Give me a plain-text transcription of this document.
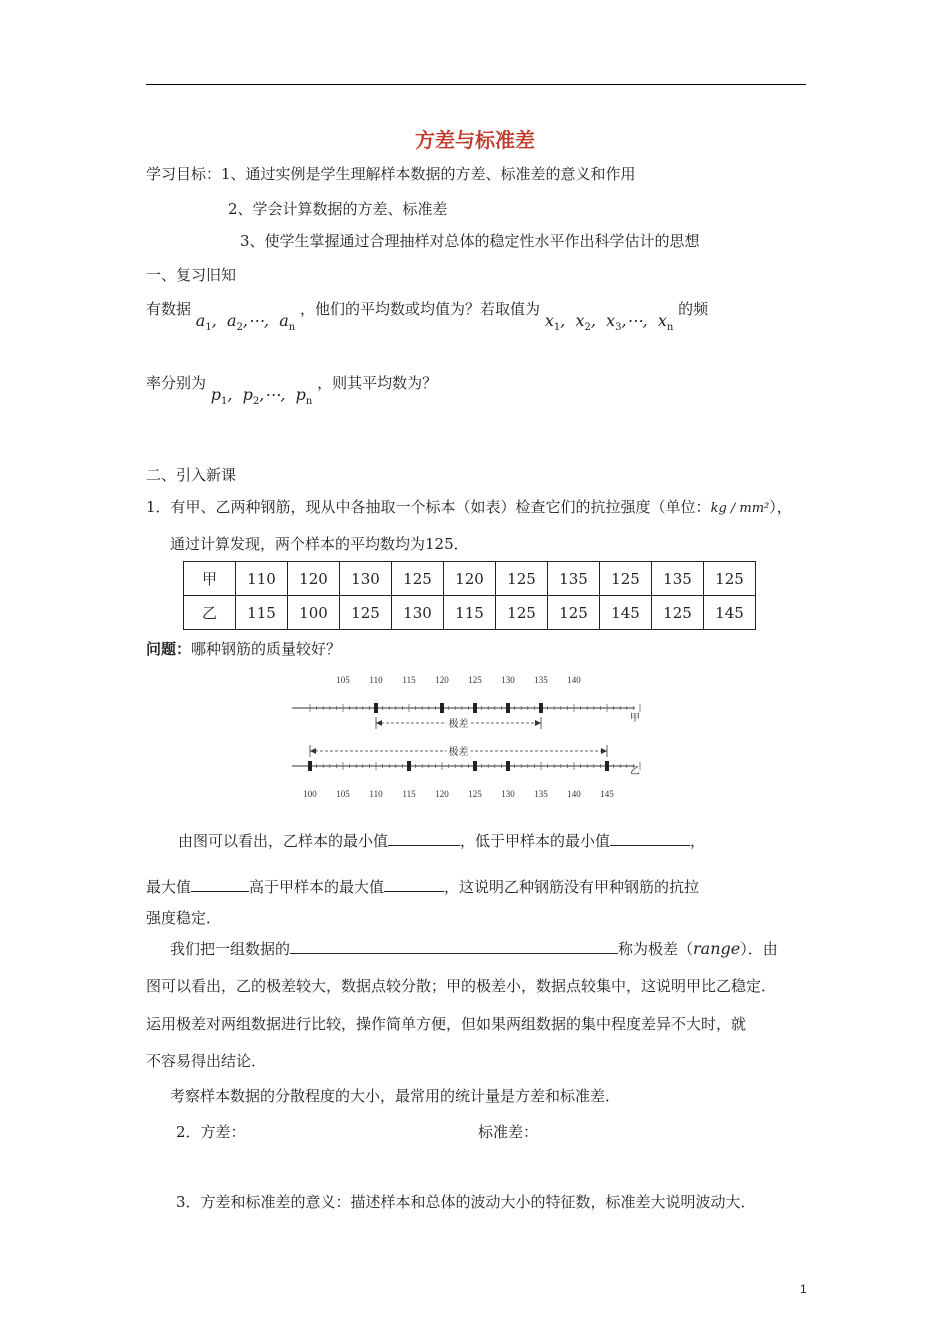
方差与标准差
学习目标：1、通过实例是学生理解样本数据的方差、标准差的意义和作用
2、学会计算数据的方差、标准差
3、使学生掌握通过合理抽样对总体的稳定性水平作出科学估计的思想
一、复习旧知
有数据 $a_1$,  $a_2,\cdots$,  $a_n$ ，他们的平均数或均值为？若取值为 $x_1$,  $x_2$,  $x_3,\cdots$,  $x_n$ 的频
率分别为 $p_1$,  $p_2,\cdots$,  $p_n$ ，则其平均数为？
二、引入新课
1．有甲、乙两种钢筋，现从中各抽取一个标本（如表）检查它们的抗拉强度（单位：kg / mm²），
通过计算发现，两个样本的平均数均为125．
甲	110	120	130	125	120	125	135	125	135	125
乙	115	100	125	130	115	125	125	145	125	145
问题：哪种钢筋的质量较好？
105 110 115 120 125 130 135 140
甲
极差
100 105 110 115 120 125 130 135 140 145
乙
极差
由图可以看出，乙样本的最小值	，低于甲样本的最小值	，
最大值	高于甲样本的最大值	，这说明乙种钢筋没有甲种钢筋的抗拉
强度稳定．
我们把一组数据的	称为极差（range）．由
图可以看出，乙的极差较大，数据点较分散；甲的极差小，数据点较集中，这说明甲比乙稳定．
运用极差对两组数据进行比较，操作简单方便，但如果两组数据的集中程度差异不大时，就
不容易得出结论．
考察样本数据的分散程度的大小，最常用的统计量是方差和标准差．
2．方差：	标准差：
3．方差和标准差的意义：描述样本和总体的波动大小的特征数，标准差大说明波动大．
1
